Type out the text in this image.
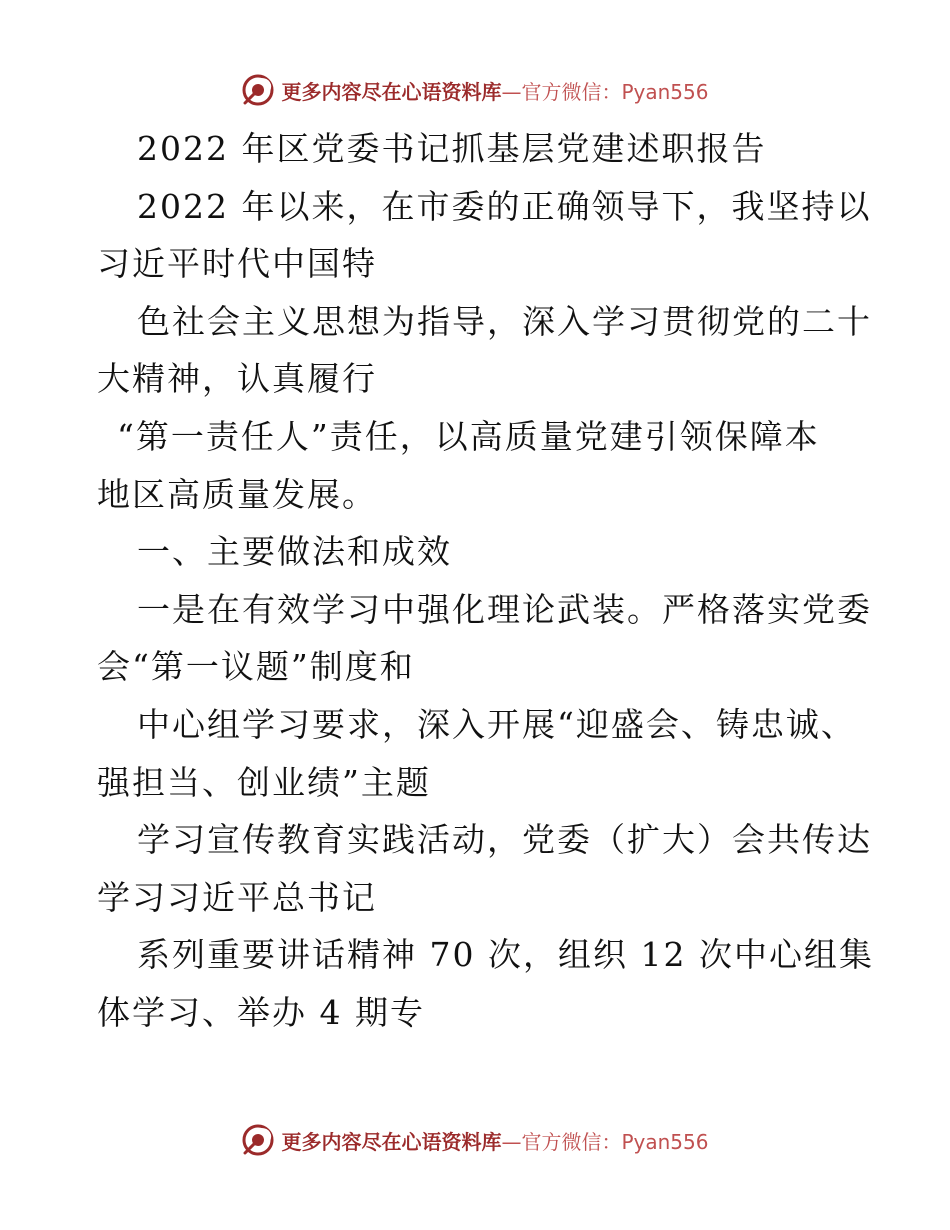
更多内容尽在心语资料库—官方微信：Pyan556
2022 年区党委书记抓基层党建述职报告
2022 年以来，在市委的正确领导下，我坚持以
习近平时代中国特
色社会主义思想为指导，深入学习贯彻党的二十
大精神，认真履行
“第一责任人”责任，以高质量党建引领保障本
地区高质量发展。
一、主要做法和成效
一是在有效学习中强化理论武装。严格落实党委
会“第一议题”制度和
中心组学习要求，深入开展“迎盛会、铸忠诚、
强担当、创业绩”主题
学习宣传教育实践活动，党委（扩大）会共传达
学习习近平总书记
系列重要讲话精神 70 次，组织 12 次中心组集
体学习、举办 4 期专
更多内容尽在心语资料库—官方微信：Pyan556
